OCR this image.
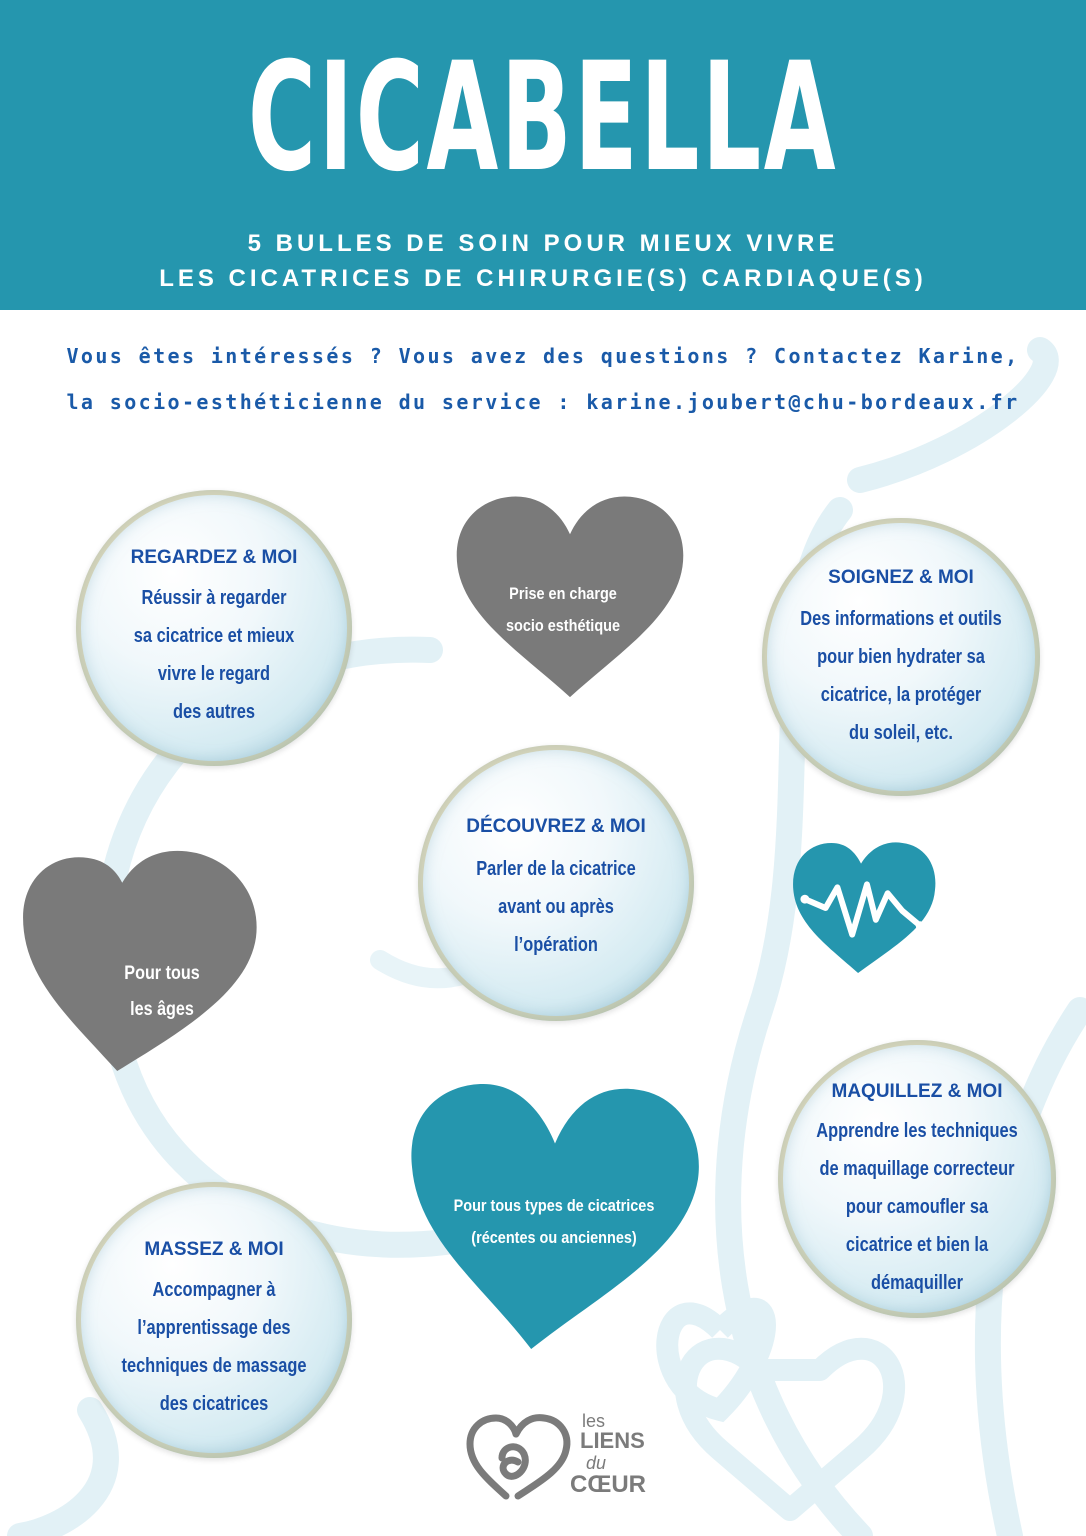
CICABELLA
5 BULLES DE SOIN POUR MIEUX VIVRE
LES CICATRICES DE CHIRURGIE(S) CARDIAQUE(S)
Vous êtes intéressés ? Vous avez des questions ? Contactez Karine,
la socio-esthéticienne du service : karine.joubert@chu-bordeaux.fr
Prise en charge
socio esthétique
Pour tous
les âges
Pour tous types de cicatrices
(récentes ou anciennes)
REGARDEZ & MOI
Réussir à regarder
sa cicatrice et mieux
vivre le regard
des autres
SOIGNEZ & MOI
Des informations et outils
pour bien hydrater sa
cicatrice, la protéger
du soleil, etc.
DÉCOUVREZ & MOI
Parler de la cicatrice
avant ou après
l’opération
MAQUILLEZ & MOI
Apprendre les techniques
de maquillage correcteur
pour camoufler sa
cicatrice et bien la
démaquiller
MASSEZ & MOI
Accompagner à
l’apprentissage des
techniques de massage
des cicatrices
les
LIENS
du
CŒUR
